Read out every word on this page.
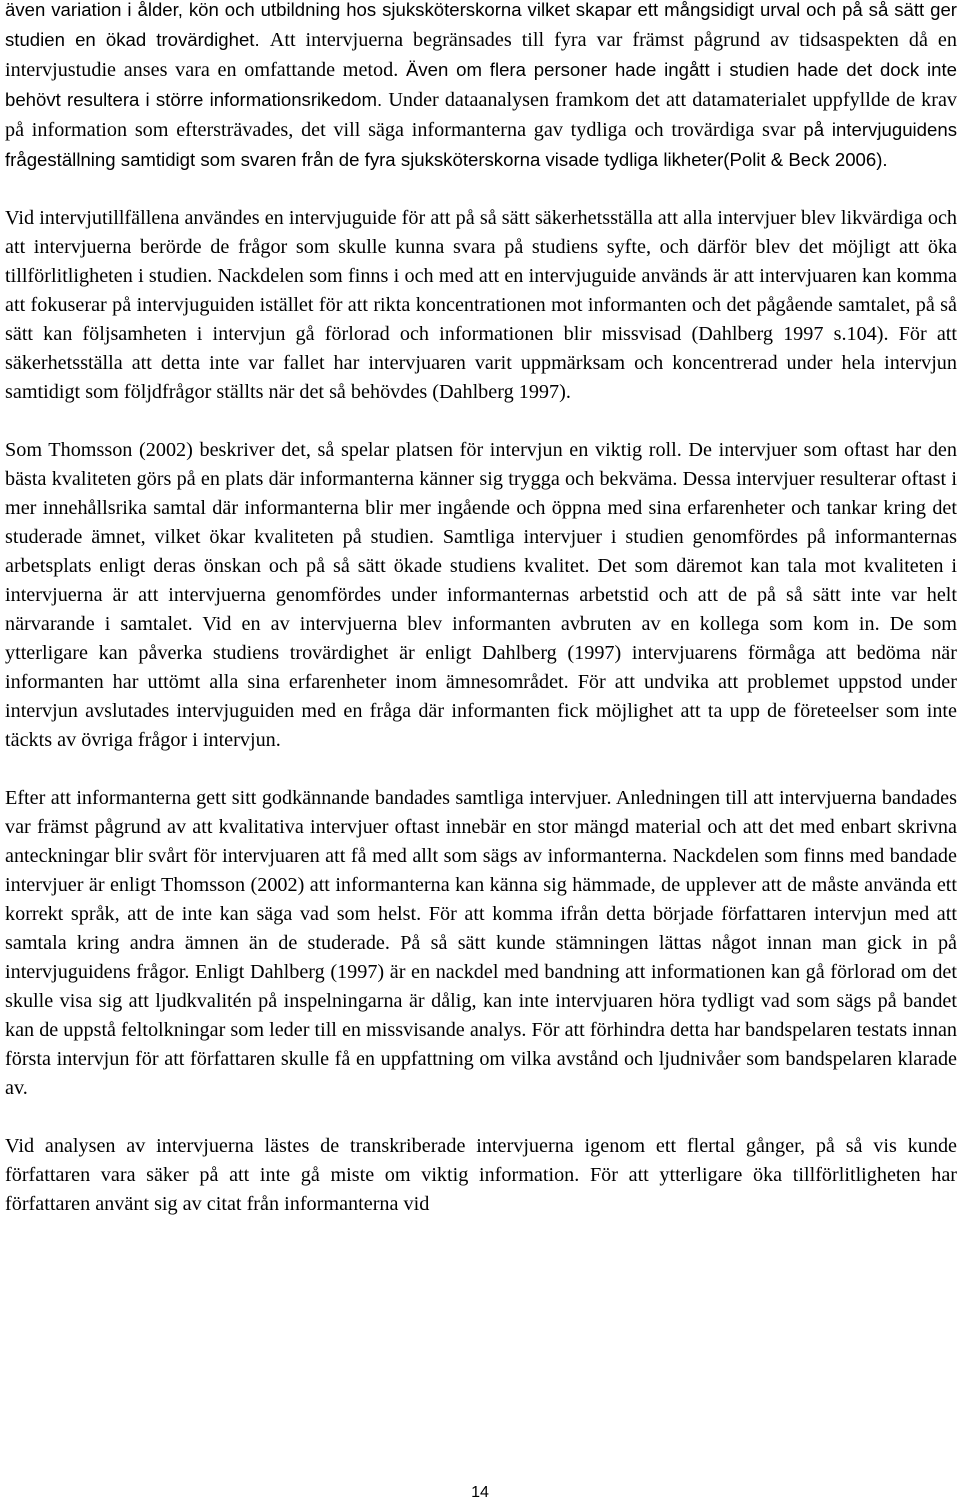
även variation i ålder, kön och utbildning hos sjuksköterskorna vilket skapar ett mångsidigt urval och på så sätt ger studien en ökad trovärdighet. Att intervjuerna begränsades till fyra var främst pågrund av tidsaspekten då en intervjustudie anses vara en omfattande metod. Även om flera personer hade ingått i studien hade det dock inte behövt resultera i större informationsrikedom. Under dataanalysen framkom det att datamaterialet uppfyllde de krav på information som eftersträvades, det vill säga informanterna gav tydliga och trovärdiga svar på intervjuguidens frågeställning samtidigt som svaren från de fyra sjuksköterskorna visade tydliga likheter(Polit & Beck 2006).

Vid intervjutillfällena användes en intervjuguide för att på så sätt säkerhetsställa att alla intervjuer blev likvärdiga och att intervjuerna berörde de frågor som skulle kunna svara på studiens syfte, och därför blev det möjligt att öka tillförlitligheten i studien. Nackdelen som finns i och med att en intervjuguide används är att intervjuaren kan komma att fokuserar på intervjuguiden istället för att rikta koncentrationen mot informanten och det pågående samtalet, på så sätt kan följsamheten i intervjun gå förlorad och informationen blir missvisad (Dahlberg 1997 s.104). För att säkerhetsställa att detta inte var fallet har intervjuaren varit uppmärksam och koncentrerad under hela intervjun samtidigt som följdfrågor ställts när det så behövdes (Dahlberg 1997).

Som Thomsson (2002) beskriver det, så spelar platsen för intervjun en viktig roll. De intervjuer som oftast har den bästa kvaliteten görs på en plats där informanterna känner sig trygga och bekväma. Dessa intervjuer resulterar oftast i mer innehållsrika samtal där informanterna blir mer ingående och öppna med sina erfarenheter och tankar kring det studerade ämnet, vilket ökar kvaliteten på studien. Samtliga intervjuer i studien genomfördes på informanternas arbetsplats enligt deras önskan och på så sätt ökade studiens kvalitet. Det som däremot kan tala mot kvaliteten i intervjuerna är att intervjuerna genomfördes under informanternas arbetstid och att de på så sätt inte var helt närvarande i samtalet. Vid en av intervjuerna blev informanten avbruten av en kollega som kom in. De som ytterligare kan påverka studiens trovärdighet är enligt Dahlberg (1997) intervjuarens förmåga att bedöma när informanten har uttömt alla sina erfarenheter inom ämnesområdet. För att undvika att problemet uppstod under intervjun avslutades intervjuguiden med en fråga där informanten fick möjlighet att ta upp de företeelser som inte täckts av övriga frågor i intervjun.

Efter att informanterna gett sitt godkännande bandades samtliga intervjuer. Anledningen till att intervjuerna bandades var främst pågrund av att kvalitativa intervjuer oftast innebär en stor mängd material och att det med enbart skrivna anteckningar blir svårt för intervjuaren att få med allt som sägs av informanterna. Nackdelen som finns med bandade intervjuer är enligt Thomsson (2002) att informanterna kan känna sig hämmade, de upplever att de måste använda ett korrekt språk, att de inte kan säga vad som helst. För att komma ifrån detta började författaren intervjun med att samtala kring andra ämnen än de studerade. På så sätt kunde stämningen lättas något innan man gick in på intervjuguidens frågor. Enligt Dahlberg (1997) är en nackdel med bandning att informationen kan gå förlorad om det skulle visa sig att ljudkvalitén på inspelningarna är dålig, kan inte intervjuaren höra tydligt vad som sägs på bandet kan de uppstå feltolkningar som leder till en missvisande analys. För att förhindra detta har bandspelaren testats innan första intervjun för att författaren skulle få en uppfattning om vilka avstånd och ljudnivåer som bandspelaren klarade av.

Vid analysen av intervjuerna lästes de transkriberade intervjuerna igenom ett flertal gånger, på så vis kunde författaren vara säker på att inte gå miste om viktig information. För att ytterligare öka tillförlitligheten har författaren använt sig av citat från informanterna vid

14
